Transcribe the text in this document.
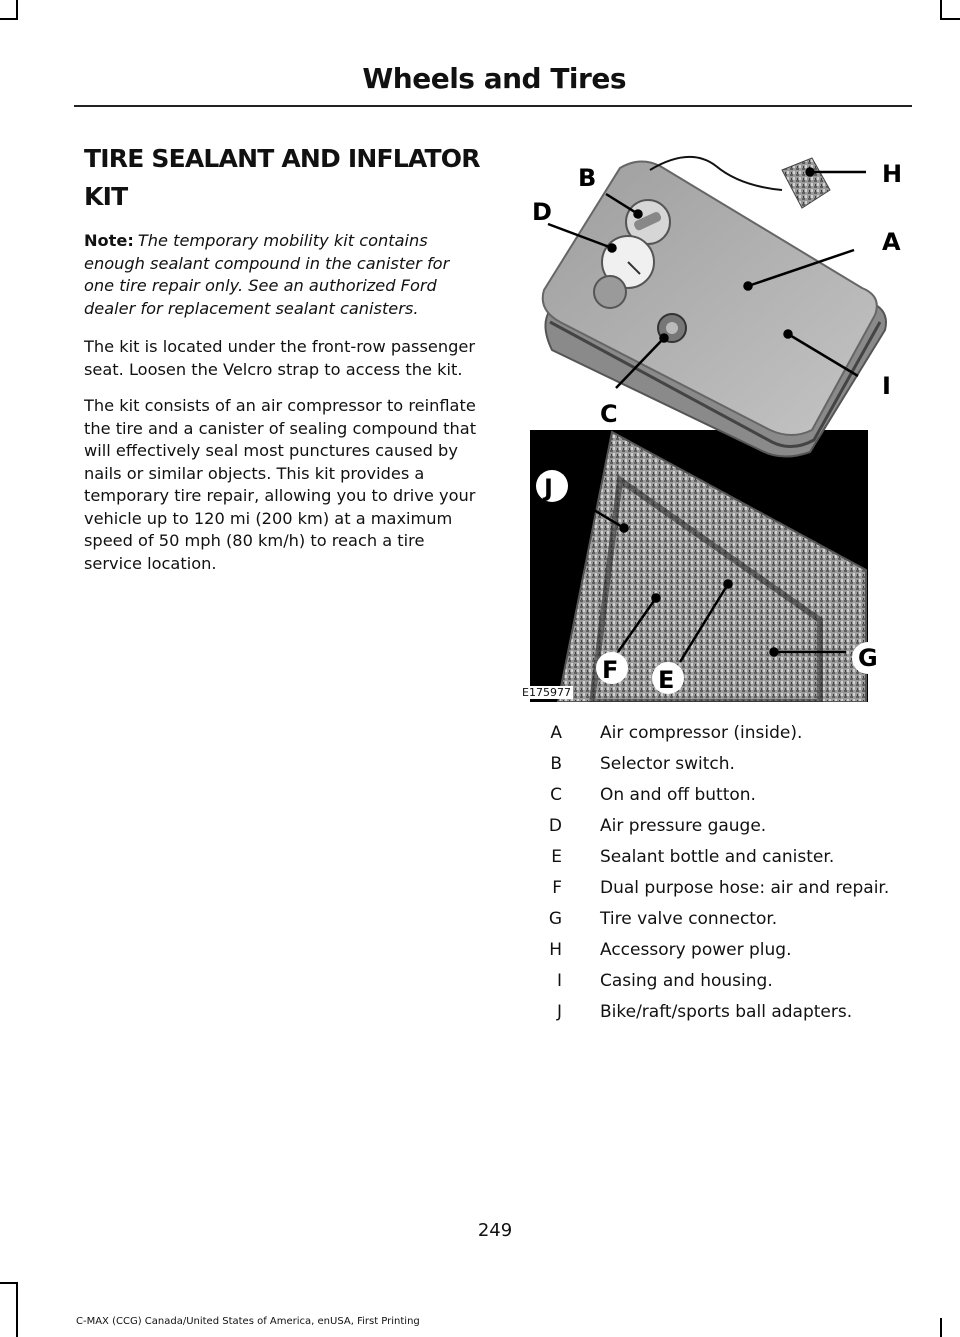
Wheels and Tires
TIRE SEALANT AND INFLATOR
KIT

Note: The temporary mobility kit contains enough sealant compound in the canister for one tire repair only. See an authorized Ford dealer for replacement sealant canisters.

The kit is located under the front-row passenger seat. Loosen the Velcro strap to access the kit.

The kit consists of an air compressor to reinflate the tire and a canister of sealing compound that will effectively seal most punctures caused by nails or similar objects. This kit provides a temporary tire repair, allowing you to drive your vehicle up to 120 mi (200 km) at a maximum speed of 50 mph (80 km/h) to reach a tire service location.

H
B
D
A
I
C
J
F E
G
E175977
A Air compressor (inside).
B Selector switch.
C On and off button.
D Air pressure gauge.
E Sealant bottle and canister.
F Dual purpose hose: air and repair.
G Tire valve connector.
H Accessory power plug.
I Casing and housing.
J Bike/raft/sports ball adapters.
249
C-MAX (CCG) Canada/United States of America, enUSA, First Printing
